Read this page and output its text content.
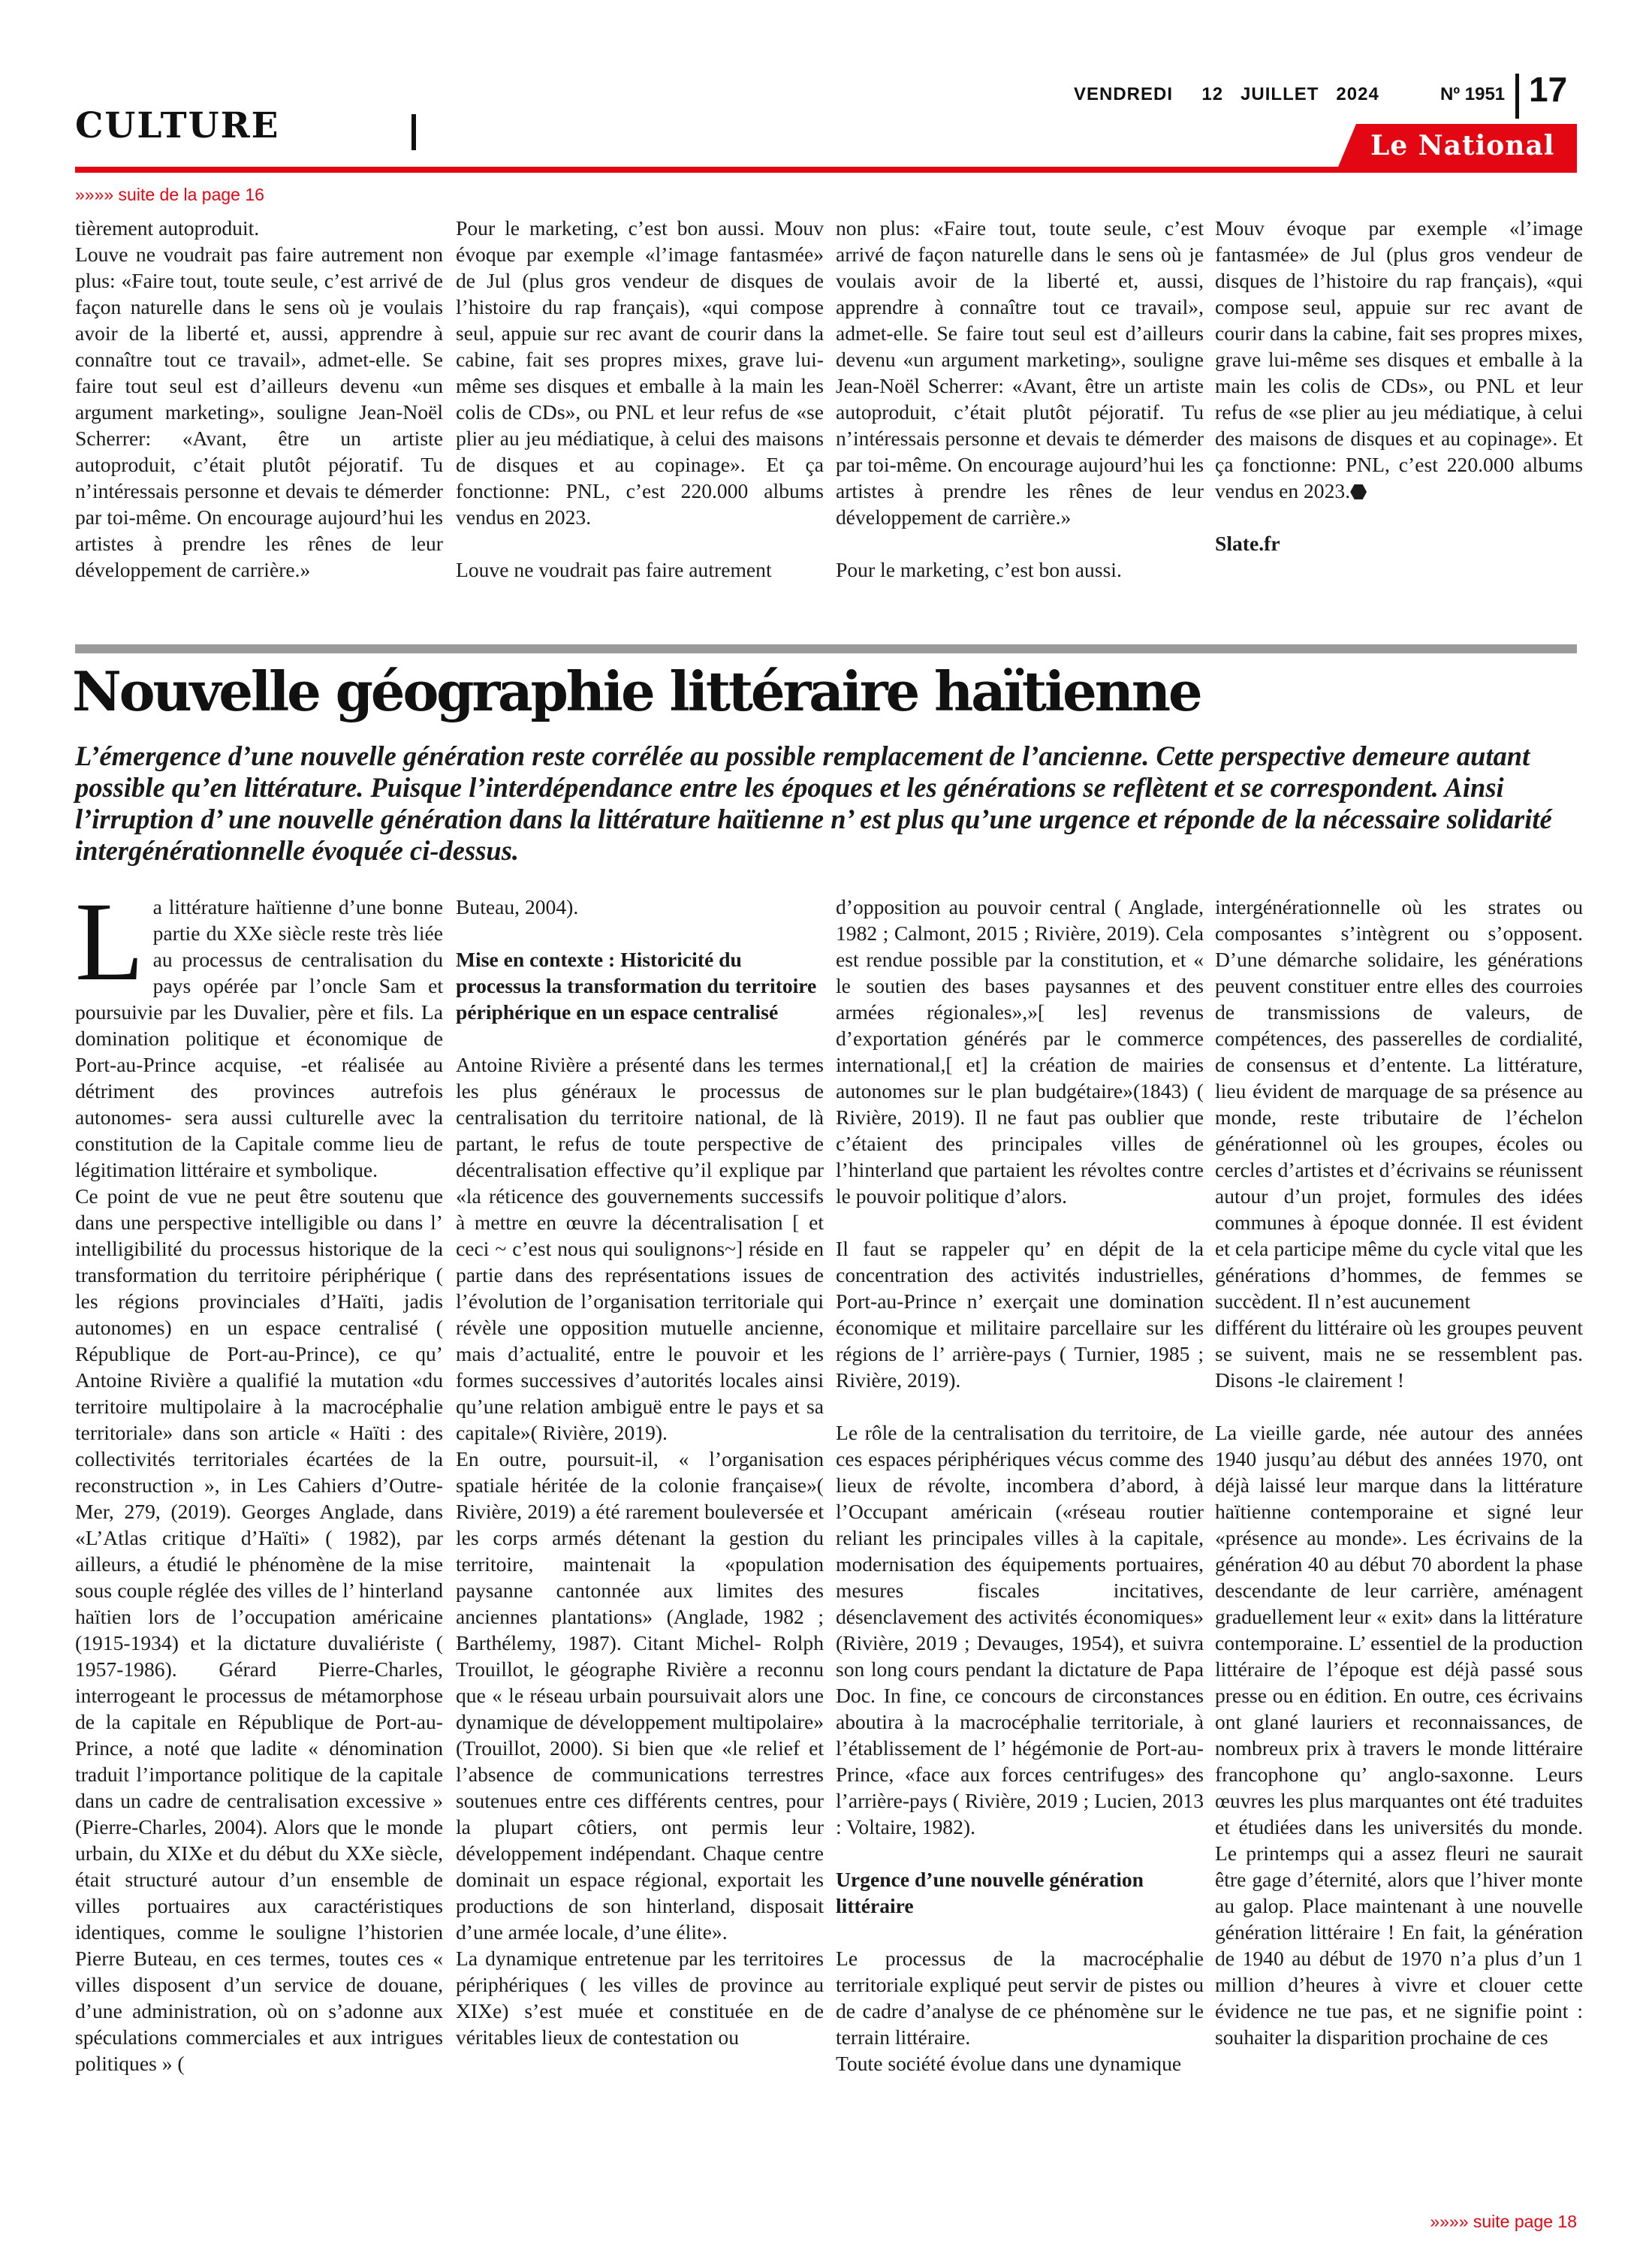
CULTURE
VENDREDI     12   JUILLET   2024	Nº 1951 17
Le National
»»»» suite de la page 16

tièrement autoproduit.

Louve ne voudrait pas faire autrement non plus: «Faire tout, toute seule, c’est arrivé de façon naturelle dans le sens où je voulais avoir de la liberté et, aussi, apprendre à connaître tout ce travail», admet-elle. Se faire tout seul est d’ailleurs devenu «un argument marketing», souligne Jean-Noël Scherrer: «Avant, être un artiste autoproduit, c’était plutôt péjoratif. Tu n’intéressais personne et devais te démerder par toi-même. On encourage aujourd’hui les artistes à prendre les rênes de leur développement de carrière.»

Pour le marketing, c’est bon aussi. Mouv évoque par exemple «l’image fantasmée» de Jul (plus gros vendeur de disques de l’histoire du rap français), «qui compose seul, appuie sur rec avant de courir dans la cabine, fait ses propres mixes, grave lui-même ses disques et emballe à la main les colis de CDs», ou PNL et leur refus de «se plier au jeu médiatique, à celui des maisons de disques et au copinage». Et ça fonctionne: PNL, c’est 220.000 albums vendus en 2023.

Louve ne voudrait pas faire autrement

non plus: «Faire tout, toute seule, c’est arrivé de façon naturelle dans le sens où je voulais avoir de la liberté et, aussi, apprendre à connaître tout ce travail», admet-elle. Se faire tout seul est d’ailleurs devenu «un argument marketing», souligne Jean-Noël Scherrer: «Avant, être un artiste autoproduit, c’était plutôt péjoratif. Tu n’intéressais personne et devais te démerder par toi-même. On encourage aujourd’hui les artistes à prendre les rênes de leur développement de carrière.»

Pour le marketing, c’est bon aussi.

Mouv évoque par exemple «l’image fantasmée» de Jul (plus gros vendeur de disques de l’histoire du rap français), «qui compose seul, appuie sur rec avant de courir dans la cabine, fait ses propres mixes, grave lui-même ses disques et emballe à la main les colis de CDs», ou PNL et leur refus de «se plier au jeu médiatique, à celui des maisons de disques et au copinage». Et ça fonctionne: PNL, c’est 220.000 albums vendus en 2023.

Slate.fr

Nouvelle géographie littéraire haïtienne
L’émergence d’une nouvelle génération reste corrélée au possible remplacement de l’ancienne. Cette perspective demeure autant possible qu’en littérature. Puisque l’interdépendance entre les époques et les générations se reflètent et se correspondent. Ainsi l’irruption d’ une nouvelle génération dans la littérature haïtienne n’ est plus qu’une urgence et réponde de la nécessaire solidarité intergénérationnelle évoquée ci-dessus.

La littérature haïtienne d’une bonne partie du XXe siècle reste très liée au processus de centralisation du pays opérée par l’oncle Sam et poursuivie par les Duvalier, père et fils. La domination politique et économique de Port-au-Prince acquise, -et réalisée au détriment des provinces autrefois autonomes- sera aussi culturelle avec la constitution de la Capitale comme lieu de légitimation littéraire et symbolique.

Ce point de vue ne peut être soutenu que dans une perspective intelligible ou dans l’ intelligibilité du processus historique de la transformation du territoire périphérique ( les régions provinciales d’Haïti, jadis autonomes) en un espace centralisé ( République de Port-au-Prince), ce qu’ Antoine Rivière a qualifié la mutation «du territoire multipolaire à la macrocéphalie territoriale» dans son article « Haïti : des collectivités territoriales écartées de la reconstruction », in Les Cahiers d’Outre-Mer, 279, (2019). Georges Anglade, dans «L’Atlas critique d’Haïti» ( 1982), par ailleurs, a étudié le phénomène de la mise sous couple réglée des villes de l’ hinterland haïtien lors de l’occupation américaine (1915-1934) et la dictature duvaliériste ( 1957-1986). Gérard Pierre-Charles, interrogeant le processus de métamorphose de la capitale en République de Port-au-Prince, a noté que ladite « dénomination traduit l’importance politique de la capitale dans un cadre de centralisation excessive » (Pierre-Charles, 2004). Alors que le monde urbain, du XIXe et du début du XXe siècle, était structuré autour d’un ensemble de villes portuaires aux caractéristiques identiques, comme le souligne l’historien Pierre Buteau, en ces termes, toutes ces « villes disposent d’un service de douane, d’une administration, où on s’adonne aux spéculations commerciales et aux intrigues politiques » (

Buteau, 2004).

Mise en contexte : Historicité du processus la transformation du territoire périphérique en un espace centralisé

Antoine Rivière a présenté dans les termes les plus généraux le processus de centralisation du territoire national, de là partant, le refus de toute perspective de décentralisation effective qu’il explique par «la réticence des gouvernements successifs à mettre en œuvre la décentralisation [ et ceci ~ c’est nous qui soulignons~] réside en partie dans des représentations issues de l’évolution de l’organisation territoriale qui révèle une opposition mutuelle ancienne, mais d’actualité, entre le pouvoir et les formes successives d’autorités locales ainsi qu’une relation ambiguë entre le pays et sa capitale»( Rivière, 2019).

En outre, poursuit-il, « l’organisation spatiale héritée de la colonie française»( Rivière, 2019) a été rarement bouleversée et les corps armés détenant la gestion du territoire, maintenait la «population paysanne cantonnée aux limites des anciennes plantations» (Anglade, 1982 ; Barthélemy, 1987). Citant Michel- Rolph Trouillot, le géographe Rivière a reconnu que « le réseau urbain poursuivait alors une dynamique de développement multipolaire» (Trouillot, 2000). Si bien que «le relief et l’absence de communications terrestres soutenues entre ces différents centres, pour la plupart côtiers, ont permis leur développement indépendant. Chaque centre dominait un espace régional, exportait les productions de son hinterland, disposait d’une armée locale, d’une élite».

La dynamique entretenue par les territoires périphériques ( les villes de province au XIXe) s’est muée et constituée en de véritables lieux de contestation ou

d’opposition au pouvoir central ( Anglade, 1982 ; Calmont, 2015 ; Rivière, 2019). Cela est rendue possible par la constitution, et « le soutien des bases paysannes et des armées régionales»,»[ les] revenus d’exportation générés par le commerce international,[ et] la création de mairies autonomes sur le plan budgétaire»(1843) ( Rivière, 2019). Il ne faut pas oublier que c’étaient des principales villes de l’hinterland que partaient les révoltes contre le pouvoir politique d’alors.

Il faut se rappeler qu’ en dépit de la concentration des activités industrielles, Port-au-Prince n’ exerçait une domination économique et militaire parcellaire sur les régions de l’ arrière-pays ( Turnier, 1985 ; Rivière, 2019).

Le rôle de la centralisation du territoire, de ces espaces périphériques vécus comme des lieux de révolte, incombera d’abord, à l’Occupant américain («réseau routier reliant les principales villes à la capitale, modernisation des équipements portuaires, mesures fiscales incitatives, désenclavement des activités économiques» (Rivière, 2019 ; Devauges, 1954), et suivra son long cours pendant la dictature de Papa Doc. In fine, ce concours de circonstances aboutira à la macrocéphalie territoriale, à l’établissement de l’ hégémonie de Port-au-Prince, «face aux forces centrifuges» des l’arrière-pays ( Rivière, 2019 ; Lucien, 2013 : Voltaire, 1982).

Urgence d’une nouvelle génération littéraire

Le processus de la macrocéphalie territoriale expliqué peut servir de pistes ou de cadre d’analyse de ce phénomène sur le terrain littéraire.

Toute société évolue dans une dynamique

intergénérationnelle où les strates ou composantes s’intègrent ou s’opposent. D’une démarche solidaire, les générations peuvent constituer entre elles des courroies de transmissions de valeurs, de compétences, des passerelles de cordialité, de consensus et d’entente. La littérature, lieu évident de marquage de sa présence au monde, reste tributaire de l’échelon générationnel où les groupes, écoles ou cercles d’artistes et d’écrivains se réunissent autour d’un projet, formules des idées communes à époque donnée. Il est évident et cela participe même du cycle vital que les générations d’hommes, de femmes se succèdent. Il n’est aucunement

différent du littéraire où les groupes peuvent se suivent, mais ne se ressemblent pas. Disons -le clairement !

La vieille garde, née autour des années 1940 jusqu’au début des années 1970, ont déjà laissé leur marque dans la littérature haïtienne contemporaine et signé leur «présence au monde». Les écrivains de la génération 40 au début 70 abordent la phase descendante de leur carrière, aménagent graduellement leur « exit» dans la littérature contemporaine. L’ essentiel de la production littéraire de l’époque est déjà passé sous presse ou en édition. En outre, ces écrivains ont glané lauriers et reconnaissances, de nombreux prix à travers le monde littéraire francophone qu’ anglo-saxonne. Leurs œuvres les plus marquantes ont été traduites et étudiées dans les universités du monde. Le printemps qui a assez fleuri ne saurait être gage d’éternité, alors que l’hiver monte au galop. Place maintenant à une nouvelle génération littéraire ! En fait, la génération de 1940 au début de 1970 n’a plus d’un 1 million d’heures à vivre et clouer cette évidence ne tue pas, et ne signifie point : souhaiter la disparition prochaine de ces

»»»» suite page 18
